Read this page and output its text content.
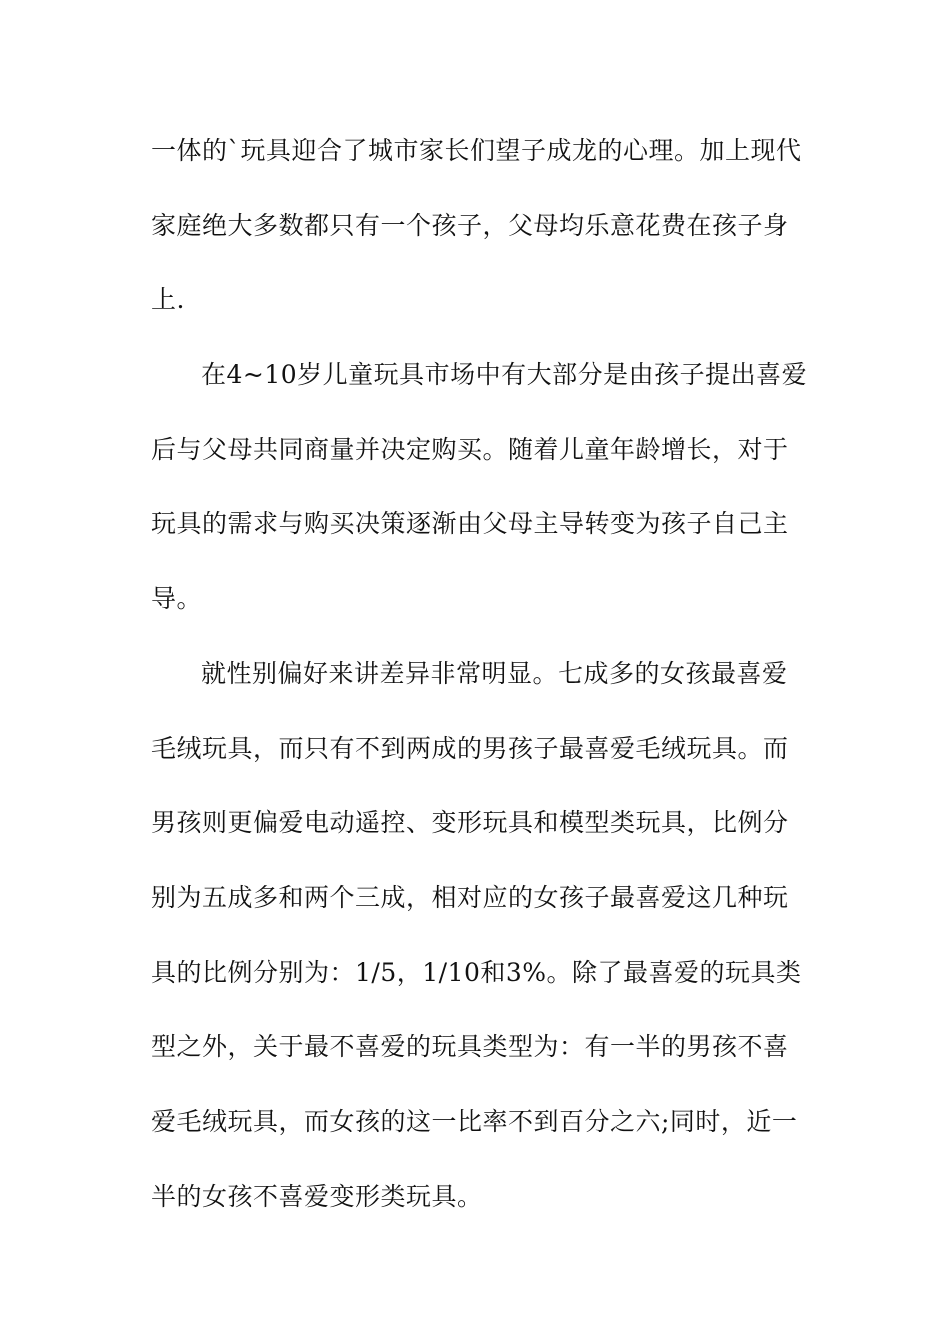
一体的`玩具迎合了城市家长们望子成龙的心理。加上现代
家庭绝大多数都只有一个孩子，父母均乐意花费在孩子身
上.
在4~10岁儿童玩具市场中有大部分是由孩子提出喜爱
后与父母共同商量并决定购买。随着儿童年龄增长，对于
玩具的需求与购买决策逐渐由父母主导转变为孩子自己主
导。
就性别偏好来讲差异非常明显。七成多的女孩最喜爱
毛绒玩具，而只有不到两成的男孩子最喜爱毛绒玩具。而
男孩则更偏爱电动遥控、变形玩具和模型类玩具，比例分
别为五成多和两个三成，相对应的女孩子最喜爱这几种玩
具的比例分别为：1/5，1/10和3%。除了最喜爱的玩具类
型之外，关于最不喜爱的玩具类型为：有一半的男孩不喜
爱毛绒玩具，而女孩的这一比率不到百分之六;同时，近一
半的女孩不喜爱变形类玩具。
